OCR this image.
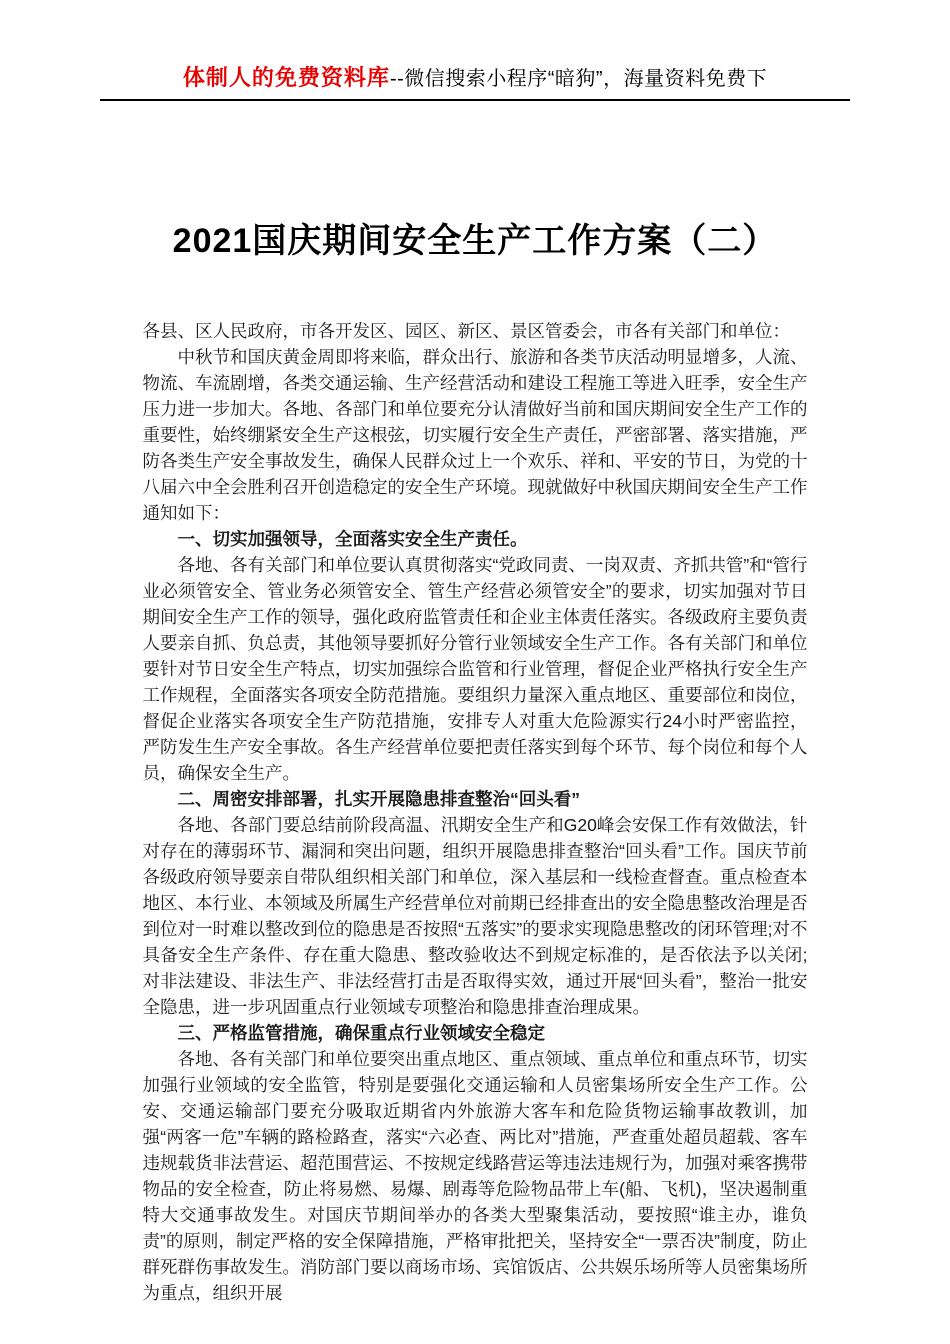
体制人的免费资料库--微信搜索小程序“暗狗”，海量资料免费下
2021国庆期间安全生产工作方案（二）

各县、区人民政府，市各开发区、园区、新区、景区管委会，市各有关部门和单位：

中秋节和国庆黄金周即将来临，群众出行、旅游和各类节庆活动明显增多，人流、物流、车流剧增，各类交通运输、生产经营活动和建设工程施工等进入旺季，安全生产压力进一步加大。各地、各部门和单位要充分认清做好当前和国庆期间安全生产工作的重要性，始终绷紧安全生产这根弦，切实履行安全生产责任，严密部署、落实措施，严防各类生产安全事故发生，确保人民群众过上一个欢乐、祥和、平安的节日，为党的十八届六中全会胜利召开创造稳定的安全生产环境。现就做好中秋国庆期间安全生产工作通知如下：

一、切实加强领导，全面落实安全生产责任。

各地、各有关部门和单位要认真贯彻落实“党政同责、一岗双责、齐抓共管”和“管行业必须管安全、管业务必须管安全、管生产经营必须管安全”的要求，切实加强对节日期间安全生产工作的领导，强化政府监管责任和企业主体责任落实。各级政府主要负责人要亲自抓、负总责，其他领导要抓好分管行业领域安全生产工作。各有关部门和单位要针对节日安全生产特点，切实加强综合监管和行业管理，督促企业严格执行安全生产工作规程，全面落实各项安全防范措施。要组织力量深入重点地区、重要部位和岗位，督促企业落实各项安全生产防范措施，安排专人对重大危险源实行24小时严密监控，严防发生生产安全事故。各生产经营单位要把责任落实到每个环节、每个岗位和每个人员，确保安全生产。

二、周密安排部署，扎实开展隐患排查整治“回头看”

各地、各部门要总结前阶段高温、汛期安全生产和G20峰会安保工作有效做法，针对存在的薄弱环节、漏洞和突出问题，组织开展隐患排查整治“回头看”工作。国庆节前各级政府领导要亲自带队组织相关部门和单位，深入基层和一线检查督查。重点检查本地区、本行业、本领域及所属生产经营单位对前期已经排查出的安全隐患整改治理是否到位对一时难以整改到位的隐患是否按照“五落实”的要求实现隐患整改的闭环管理;对不具备安全生产条件、存在重大隐患、整改验收达不到规定标准的，是否依法予以关闭;对非法建设、非法生产、非法经营打击是否取得实效，通过开展“回头看”，整治一批安全隐患，进一步巩固重点行业领域专项整治和隐患排查治理成果。

三、严格监管措施，确保重点行业领域安全稳定

各地、各有关部门和单位要突出重点地区、重点领域、重点单位和重点环节，切实加强行业领域的安全监管，特别是要强化交通运输和人员密集场所安全生产工作。公安、交通运输部门要充分吸取近期省内外旅游大客车和危险货物运输事故教训，加强“两客一危”车辆的路检路查，落实“六必查、两比对”措施，严查重处超员超载、客车违规载货非法营运、超范围营运、不按规定线路营运等违法违规行为，加强对乘客携带物品的安全检查，防止将易燃、易爆、剧毒等危险物品带上车(船、飞机)，坚决遏制重特大交通事故发生。对国庆节期间举办的各类大型聚集活动，要按照“谁主办，谁负责”的原则，制定严格的安全保障措施，严格审批把关，坚持安全“一票否决”制度，防止群死群伤事故发生。消防部门要以商场市场、宾馆饭店、公共娱乐场所等人员密集场所为重点，组织开展
